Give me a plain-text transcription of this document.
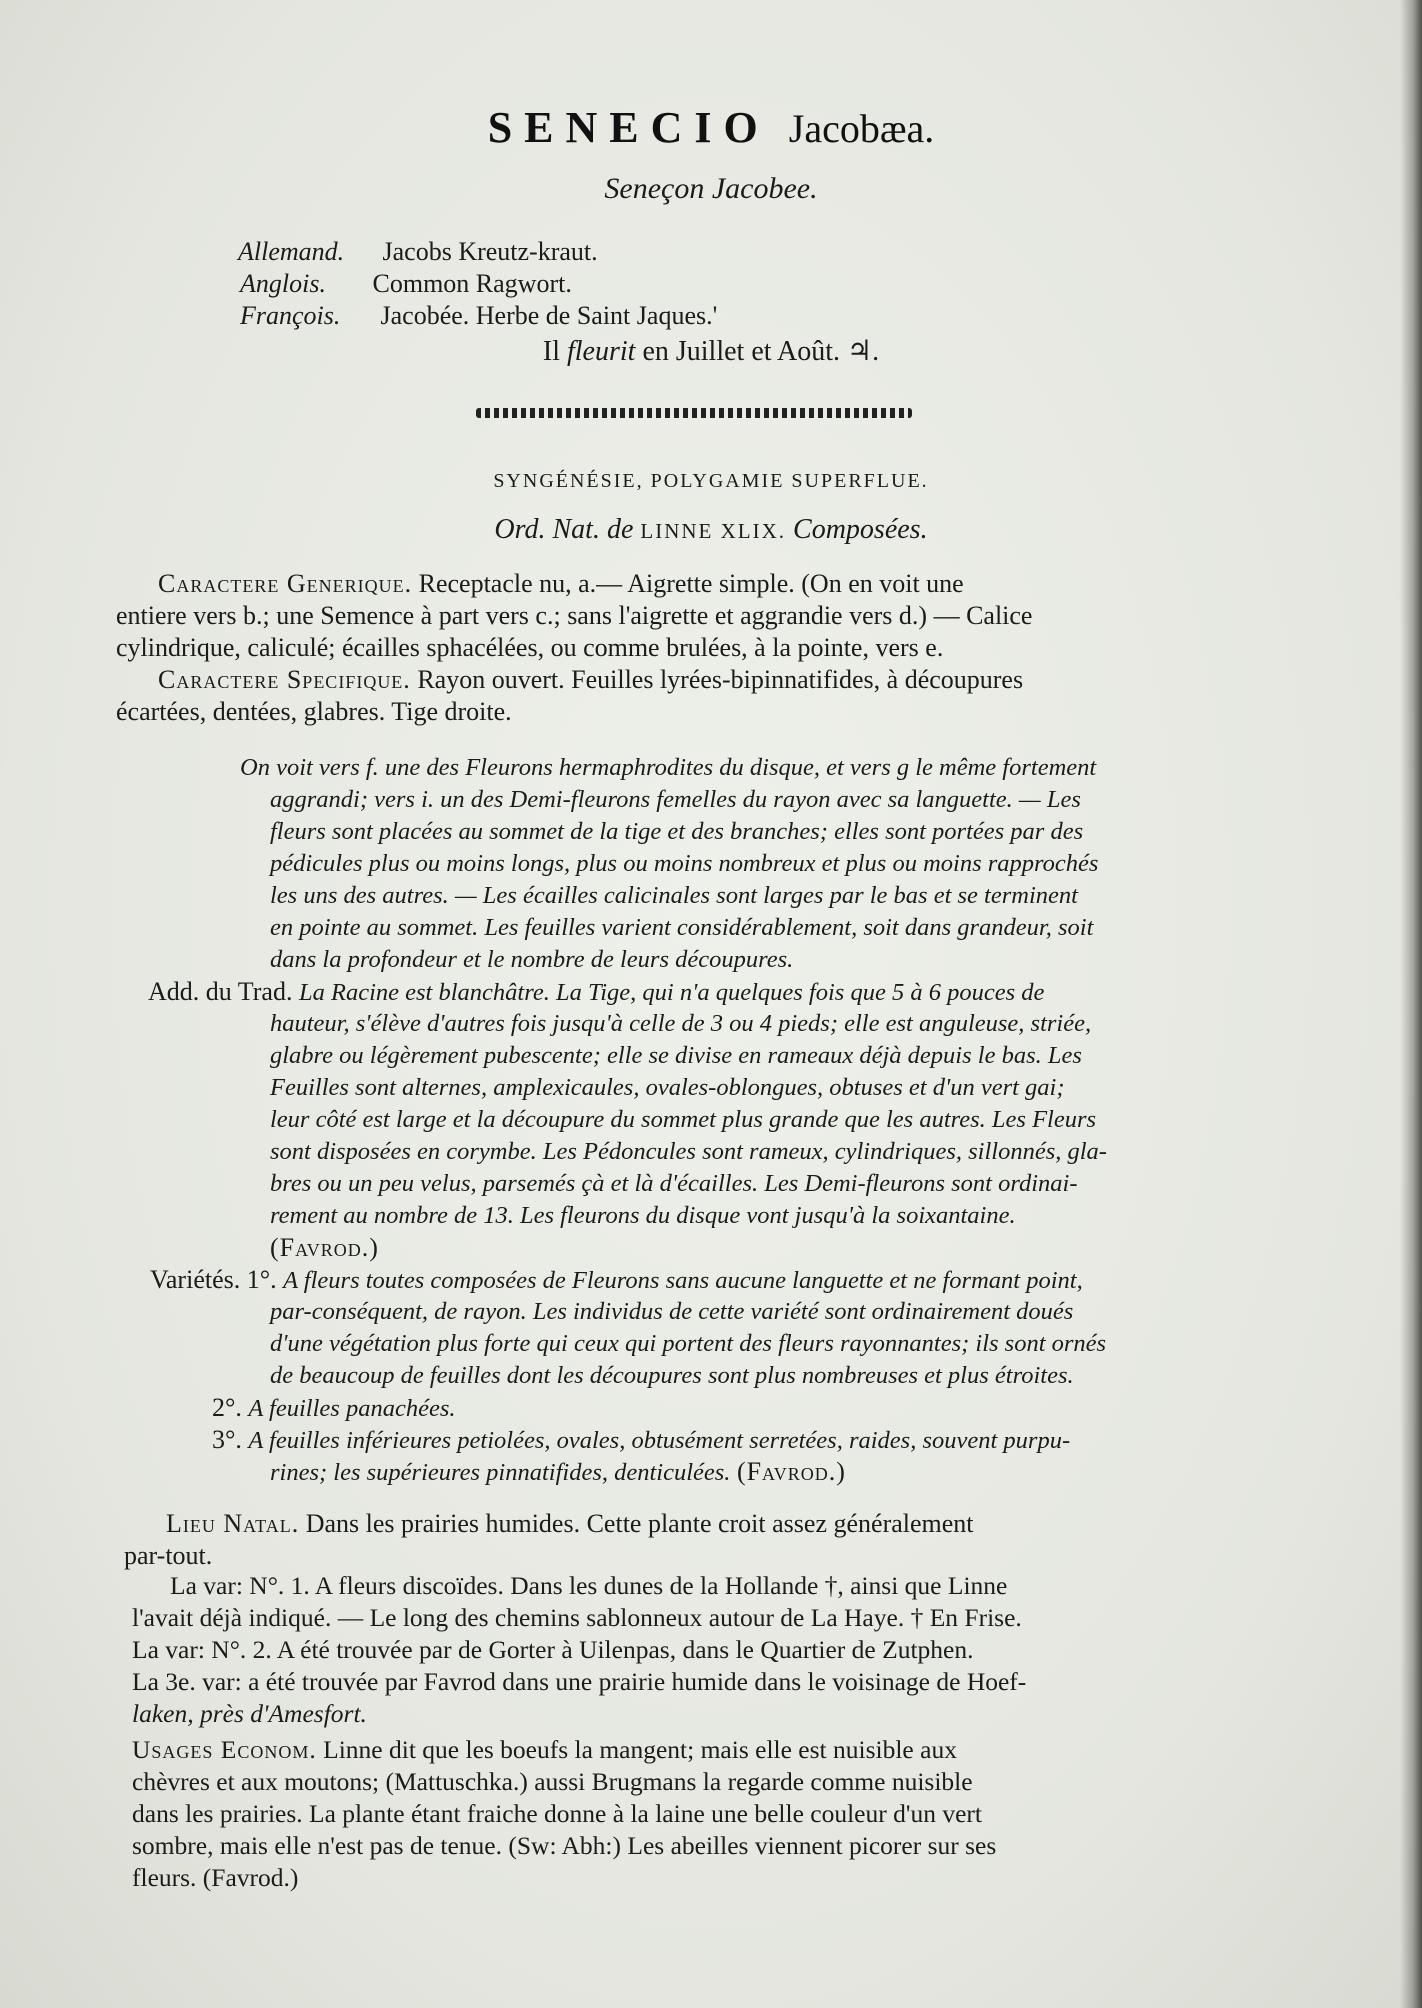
SENECIO Jacobæa.
Seneçon Jacobee.
Allemand. Jacobs Kreutz-kraut.
Anglois. Common Ragwort.
François. Jacobée. Herbe de Saint Jaques.'
Il fleurit en Juillet et Août. ♃.
SYNGÉNÉSIE, POLYGAMIE SUPERFLUE.
Ord. Nat. de LINNE XLIX. Composées.
Caractere Generique. Receptacle nu, a.— Aigrette simple. (On en voit une
entiere vers b.; une Semence à part vers c.; sans l'aigrette et aggrandie vers d.) — Calice
cylindrique, caliculé; écailles sphacélées, ou comme brulées, à la pointe, vers e.
Caractere Specifique. Rayon ouvert. Feuilles lyrées-bipinnatifides, à découpures
écartées, dentées, glabres. Tige droite.
On voit vers f. une des Fleurons hermaphrodites du disque, et vers g le même fortement
aggrandi; vers i. un des Demi-fleurons femelles du rayon avec sa languette. — Les
fleurs sont placées au sommet de la tige et des branches; elles sont portées par des
pédicules plus ou moins longs, plus ou moins nombreux et plus ou moins rapprochés
les uns des autres. — Les écailles calicinales sont larges par le bas et se terminent
en pointe au sommet. Les feuilles varient considérablement, soit dans grandeur, soit
dans la profondeur et le nombre de leurs découpures.
Add. du Trad. La Racine est blanchâtre. La Tige, qui n'a quelques fois que 5 à 6 pouces de
hauteur, s'élève d'autres fois jusqu'à celle de 3 ou 4 pieds; elle est anguleuse, striée,
glabre ou légèrement pubescente; elle se divise en rameaux déjà depuis le bas. Les
Feuilles sont alternes, amplexicaules, ovales-oblongues, obtuses et d'un vert gai;
leur côté est large et la découpure du sommet plus grande que les autres. Les Fleurs
sont disposées en corymbe. Les Pédoncules sont rameux, cylindriques, sillonnés, gla-
bres ou un peu velus, parsemés çà et là d'écailles. Les Demi-fleurons sont ordinai-
rement au nombre de 13. Les fleurons du disque vont jusqu'à la soixantaine.
(Favrod.)
Variétés. 1°. A fleurs toutes composées de Fleurons sans aucune languette et ne formant point,
par-conséquent, de rayon. Les individus de cette variété sont ordinairement doués
d'une végétation plus forte qui ceux qui portent des fleurs rayonnantes; ils sont ornés
de beaucoup de feuilles dont les découpures sont plus nombreuses et plus étroites.
2°. A feuilles panachées.
3°. A feuilles inférieures petiolées, ovales, obtusément serretées, raides, souvent purpu-
rines; les supérieures pinnatifides, denticulées. (Favrod.)
Lieu Natal. Dans les prairies humides. Cette plante croit assez généralement
par-tout.
La var: N°. 1. A fleurs discoïdes. Dans les dunes de la Hollande †, ainsi que Linne
l'avait déjà indiqué. — Le long des chemins sablonneux autour de La Haye. † En Frise.
La var: N°. 2. A été trouvée par de Gorter à Uilenpas, dans le Quartier de Zutphen.
La 3e. var: a été trouvée par Favrod dans une prairie humide dans le voisinage de Hoef-
laken, près d'Amesfort.
Usages Econom. Linne dit que les boeufs la mangent; mais elle est nuisible aux
chèvres et aux moutons; (Mattuschka.) aussi Brugmans la regarde comme nuisible
dans les prairies. La plante étant fraiche donne à la laine une belle couleur d'un vert
sombre, mais elle n'est pas de tenue. (Sw: Abh:) Les abeilles viennent picorer sur ses
fleurs. (Favrod.)
